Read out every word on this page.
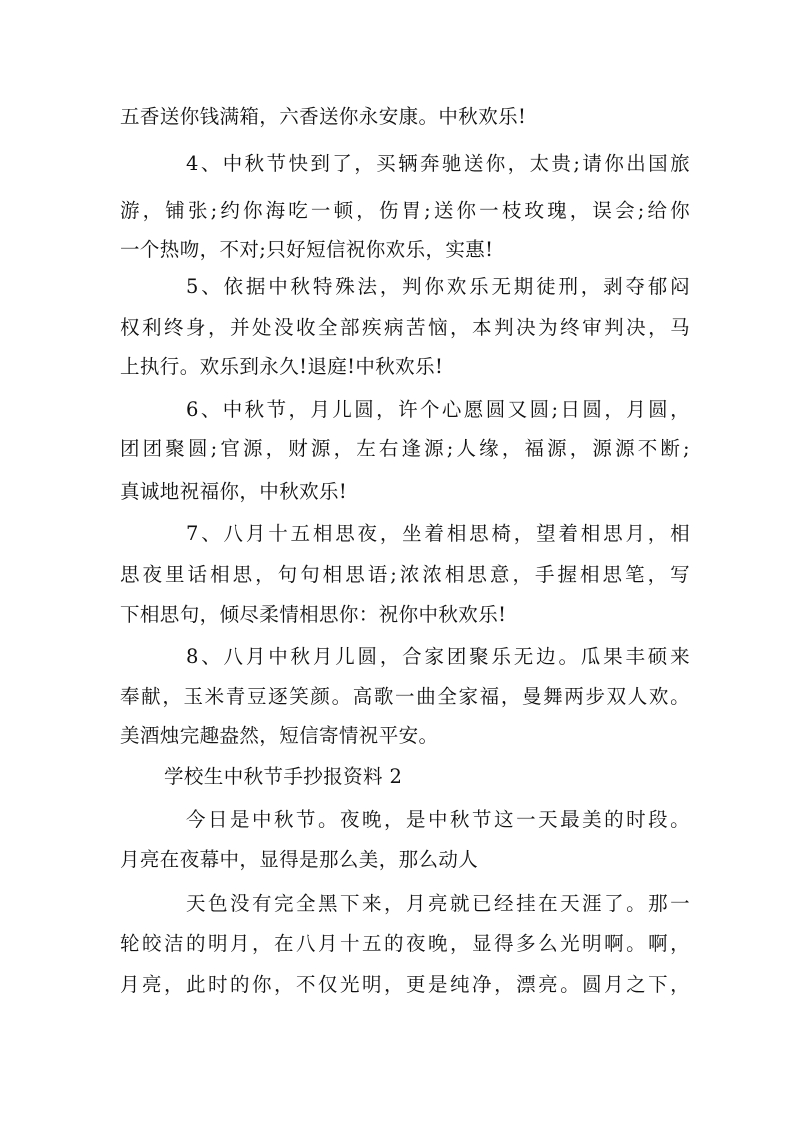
五香送你钱满箱，六香送你永安康。中秋欢乐!
4、中秋节快到了，买辆奔驰送你，太贵;请你出国旅
游，铺张;约你海吃一顿，伤胃;送你一枝玫瑰，误会;给你
一个热吻，不对;只好短信祝你欢乐，实惠!
5、依据中秋特殊法，判你欢乐无期徒刑，剥夺郁闷
权利终身，并处没收全部疾病苦恼，本判决为终审判决，马
上执行。欢乐到永久!退庭!中秋欢乐!
6、中秋节，月儿圆，许个心愿圆又圆;日圆，月圆，
团团聚圆;官源，财源，左右逢源;人缘，福源，源源不断;
真诚地祝福你，中秋欢乐!
7、八月十五相思夜，坐着相思椅，望着相思月，相
思夜里话相思，句句相思语;浓浓相思意，手握相思笔，写
下相思句，倾尽柔情相思你：祝你中秋欢乐!
8、八月中秋月儿圆，合家团聚乐无边。瓜果丰硕来
奉献，玉米青豆逐笑颜。高歌一曲全家福，曼舞两步双人欢。
美酒烛完趣盎然，短信寄情祝平安。
学校生中秋节手抄报资料 2
今日是中秋节。夜晚，是中秋节这一天最美的时段。
月亮在夜幕中，显得是那么美，那么动人
天色没有完全黑下来，月亮就已经挂在天涯了。那一
轮皎洁的明月，在八月十五的夜晚，显得多么光明啊。啊，
月亮，此时的你，不仅光明，更是纯净，漂亮。圆月之下，
